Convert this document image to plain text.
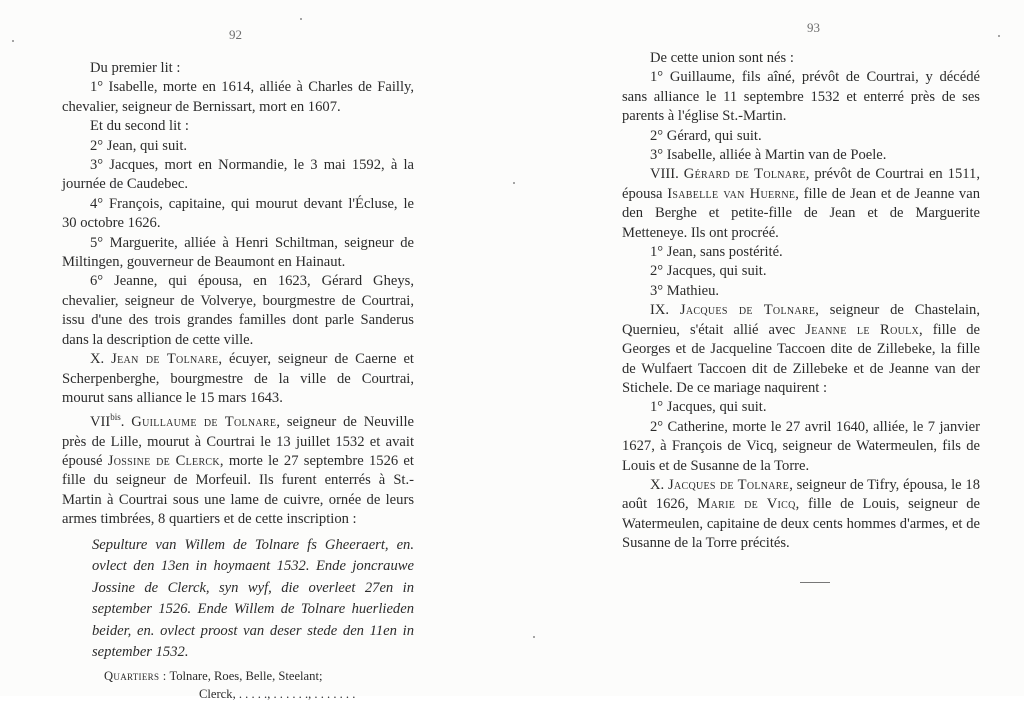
92

Du premier lit :

1° Isabelle, morte en 1614, alliée à Charles de Failly, chevalier, seigneur de Bernissart, mort en 1607.

Et du second lit :

2° Jean, qui suit.

3° Jacques, mort en Normandie, le 3 mai 1592, à la journée de Caudebec.

4° François, capitaine, qui mourut devant l'Écluse, le 30 octobre 1626.

5° Marguerite, alliée à Henri Schiltman, seigneur de Miltingen, gouverneur de Beaumont en Hainaut.

6° Jeanne, qui épousa, en 1623, Gérard Gheys, chevalier, seigneur de Volverye, bourgmestre de Courtrai, issu d'une des trois grandes familles dont parle Sanderus dans la description de cette ville.

X. Jean de Tolnare, écuyer, seigneur de Caerne et Scherpenberghe, bourgmestre de la ville de Courtrai, mourut sans alliance le 15 mars 1643.

$VII^{bis}$. Guillaume de Tolnare, seigneur de Neuville près de Lille, mourut à Courtrai le 13 juillet 1532 et avait épousé Jossine de Clerck, morte le 27 septembre 1526 et fille du seigneur de Morfeuil. Ils furent enterrés à St.-Martin à Courtrai sous une lame de cuivre, ornée de leurs armes timbrées, 8 quartiers et de cette inscription :

Sepulture van Willem de Tolnare fs Gheeraert, en. ovlect den 13en in hoymaent 1532. Ende joncrauwe Jossine de Clerck, syn wyf, die overleet 27en in september 1526. Ende Willem de Tolnare huerlieden beider, en. ovlect proost van deser stede den 11en in september 1532.
Quartiers : Tolnare, Roes, Belle, Steelant;
Clerck, . . . . ., . . . . . ., . . . . . . .
93

De cette union sont nés :

1° Guillaume, fils aîné, prévôt de Courtrai, y décédé sans alliance le 11 septembre 1532 et enterré près de ses parents à l'église St.-Martin.

2° Gérard, qui suit.

3° Isabelle, alliée à Martin van de Poele.

VIII. Gérard de Tolnare, prévôt de Courtrai en 1511, épousa Isabelle van Huerne, fille de Jean et de Jeanne van den Berghe et petite-fille de Jean et de Marguerite Metteneye. Ils ont procréé.

1° Jean, sans postérité.

2° Jacques, qui suit.

3° Mathieu.

IX. Jacques de Tolnare, seigneur de Chastelain, Quernieu, s'était allié avec Jeanne le Roulx, fille de Georges et de Jacqueline Taccoen dite de Zillebeke, la fille de Wulfaert Taccoen dit de Zillebeke et de Jeanne van der Stichele. De ce mariage naquirent :

1° Jacques, qui suit.

2° Catherine, morte le 27 avril 1640, alliée, le 7 janvier 1627, à François de Vicq, seigneur de Watermeulen, fils de Louis et de Susanne de la Torre.

X. Jacques de Tolnare, seigneur de Tifry, épousa, le 18 août 1626, Marie de Vicq, fille de Louis, seigneur de Watermeulen, capitaine de deux cents hommes d'armes, et de Susanne de la Torre précités.
